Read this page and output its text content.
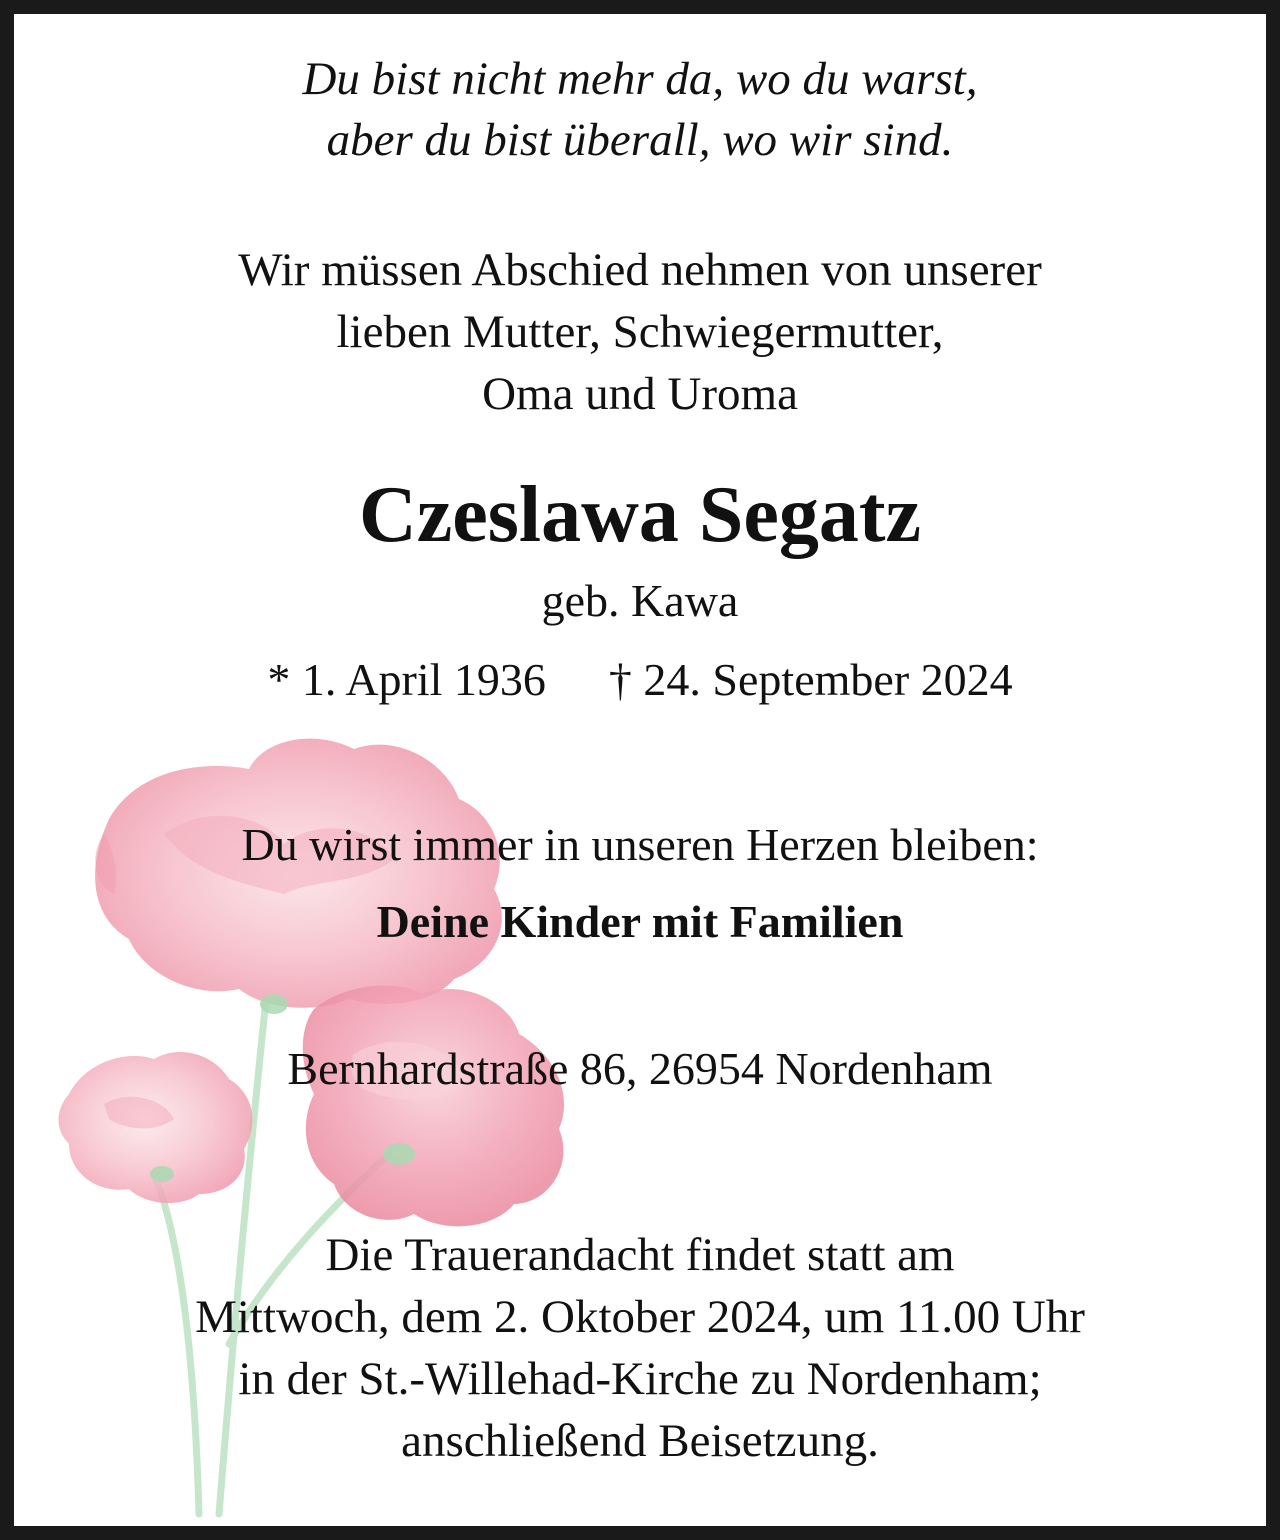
Du bist nicht mehr da, wo du warst,
aber du bist überall, wo wir sind.
Wir müssen Abschied nehmen von unserer
lieben Mutter, Schwiegermutter,
Oma und Uroma
Czeslawa Segatz
geb. Kawa
* 1. April 1936 † 24. September 2024
Du wirst immer in unseren Herzen bleiben:
Deine Kinder mit Familien
Bernhardstraße 86, 26954 Nordenham
Die Trauerandacht findet statt am
Mittwoch, dem 2. Oktober 2024, um 11.00 Uhr
in der St.-Willehad-Kirche zu Nordenham;
anschließend Beisetzung.
